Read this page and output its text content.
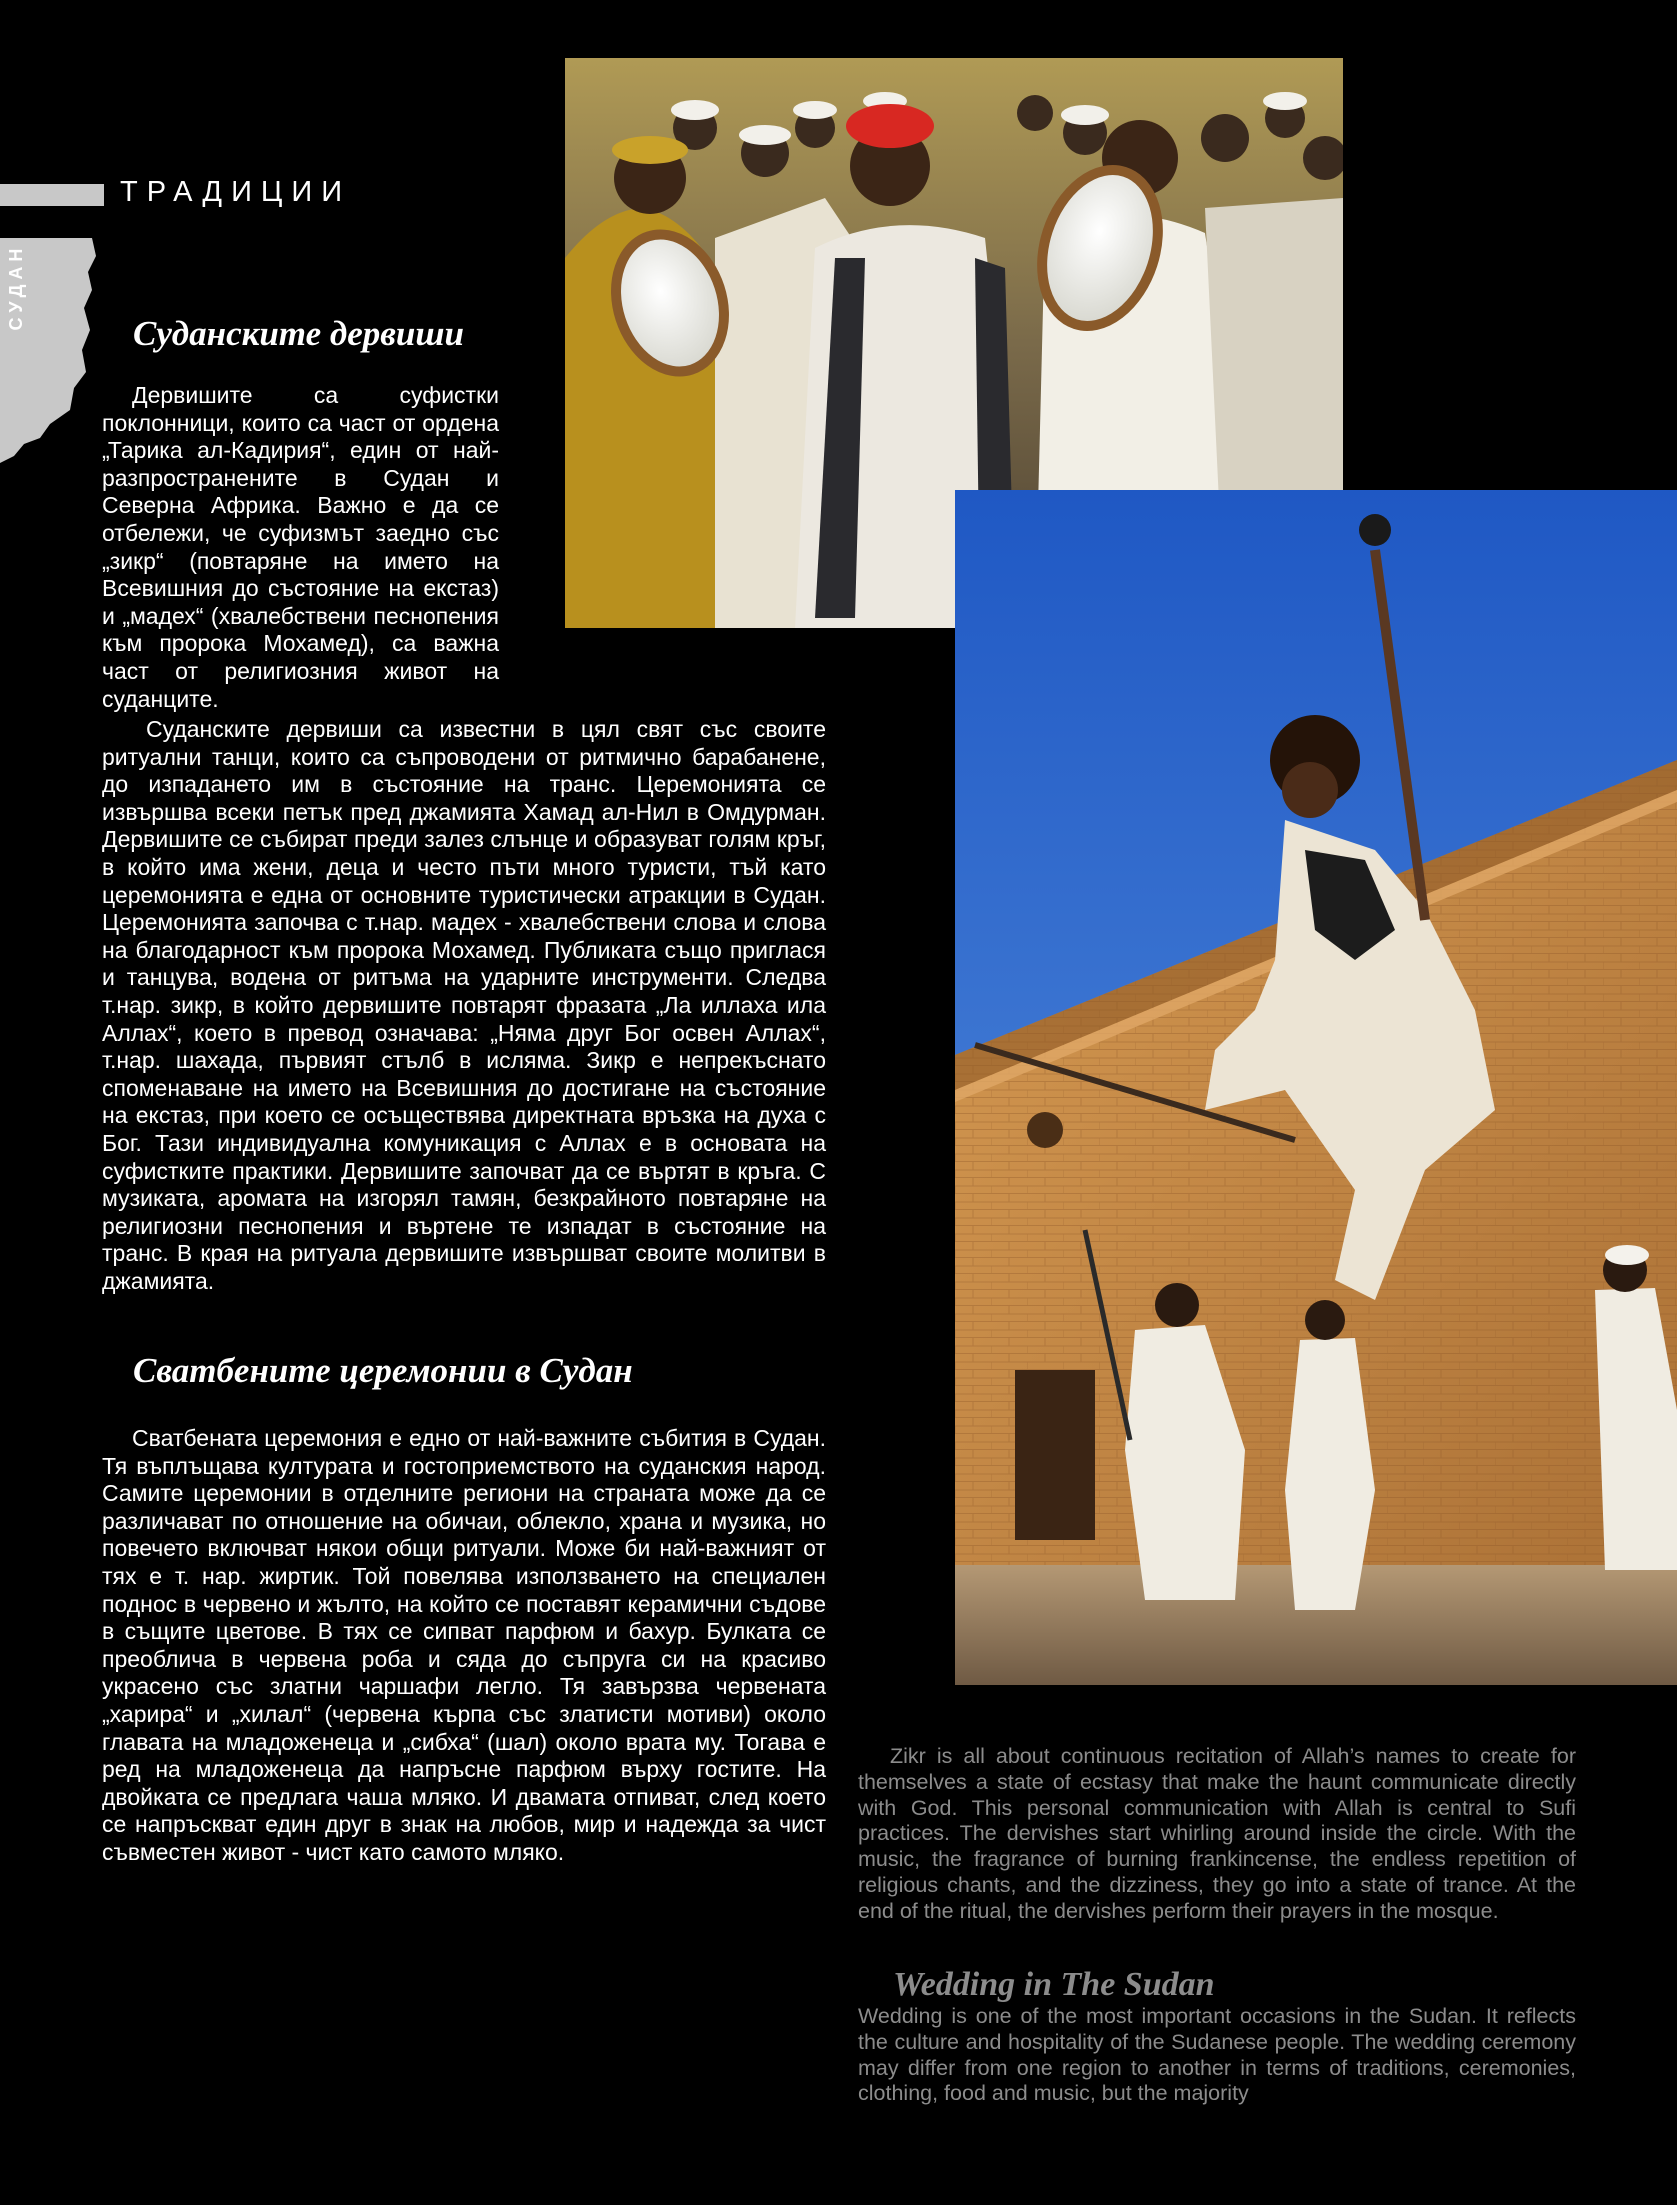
ТРАДИЦИИ
СУДАН
Суданските дервиши

Дервишите са суфистки поклонници, които са част от ордена „Тарика ал-Кадирия“, един от най-разпространените в Судан и Северна Африка. Важно е да се отбележи, че суфизмът заедно със „зикр“ (повтаряне на името на Всевишния до състояние на екстаз) и „мадех“ (хвалебствени песнопения към пророка Мохамед), са важна част от религиозния живот на суданците.

Суданските дервиши са известни в цял свят със своите ритуални танци, които са съпроводени от ритмично барабанене, до изпадането им в състояние на транс. Церемонията се извършва всеки петък пред джамията Хамад ал-Нил в Омдурман. Дервишите се събират преди залез слънце и образуват голям кръг, в който има жени, деца и често пъти много туристи, тъй като церемонията е една от основните туристически атракции в Судан. Церемонията започва с т.нар. мадех - хвалебствени слова и слова на благодарност към пророка Мохамед. Публиката също приглася и танцува, водена от ритъма на ударните инструменти. Следва т.нар. зикр, в който дервишите повтарят фразата „Ла иллаха ила Аллах“, което в превод означава: „Няма друг Бог освен Аллах“, т.нар. шахада, първият стълб в исляма. Зикр е непрекъснато споменаване на името на Всевишния до достигане на състояние на екстаз, при което се осъществява директната връзка на духа с Бог. Тази индивидуална комуникация с Аллах е в основата на суфистките практики. Дервишите започват да се въртят в кръга. С музиката, аромата на изгорял тамян, безкрайното повтаряне на религиозни песнопения и въртене те изпадат в състояние на транс. В края на ритуала дервишите извършват своите молитви в джамията.

Сватбените церемонии в Судан

Сватбената церемония е едно от най-важните събития в Судан. Тя въплъщава културата и гостоприемството на суданския народ. Самите церемонии в отделните региони на страната може да се различават по отношение на обичаи, облекло, храна и музика, но повечето включват някои общи ритуали. Може би най-важният от тях е т. нар. жиртик. Той повелява използването на специален поднос в червено и жълто, на който се поставят керамични съдове в същите цветове. В тях се сипват парфюм и бахур. Булката се преоблича в червена роба и сяда до съпруга си на красиво украсено със златни чаршафи легло. Тя завързва червената „харира“ и „хилал“ (червена кърпа със златисти мотиви) около главата на младоженеца и „сибха“ (шал) около врата му. Тогава е ред на младоженеца да напръсне парфюм върху гостите. На двойката се предлага чаша мляко. И двамата отпиват, след което се напръскват един друг в знак на любов, мир и надежда за чист съвместен живот - чист като самото мляко.

Zikr is all about continuous recitation of Allah’s names to create for themselves a state of ecstasy that make the haunt communicate directly with God. This personal communication with Allah is central to Sufi practices. The dervishes start whirling around inside the circle. With the music, the fragrance of burning frankincense, the endless repetition of religious chants, and the dizziness, they go into a state of trance. At the end of the ritual, the dervishes perform their prayers in the mosque.

Wedding in The Sudan

Wedding is one of the most important occasions in the Sudan. It reflects the culture and hospitality of the Sudanese people. The wedding ceremony may differ from one region to another in terms of traditions, ceremonies, clothing, food and music, but the majority
